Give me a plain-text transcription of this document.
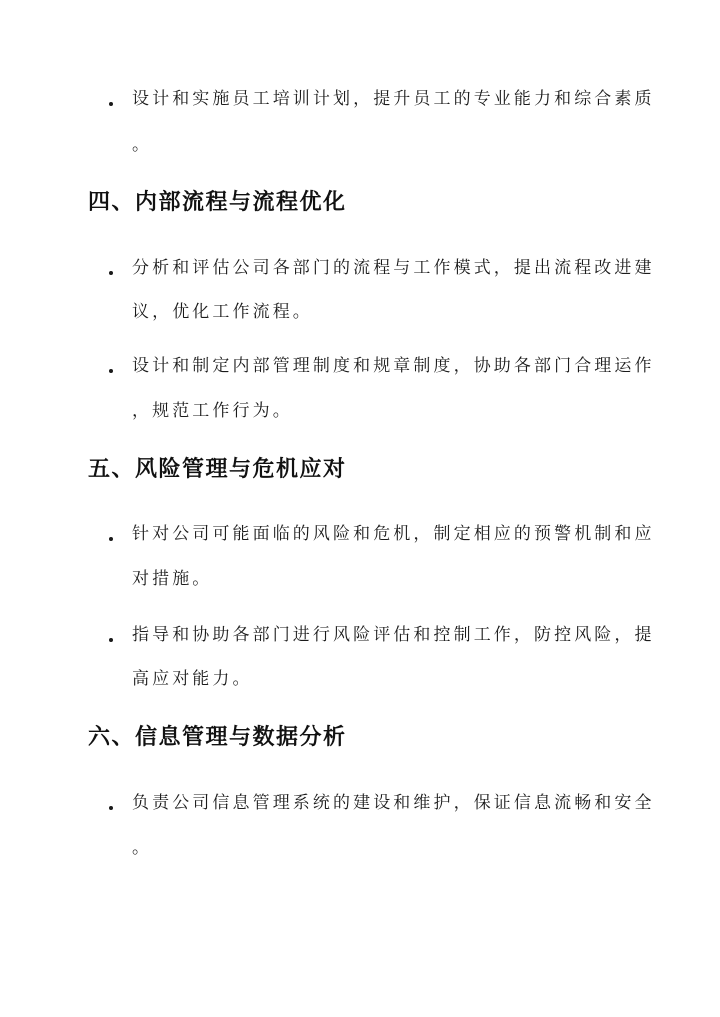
设计和实施员工培训计划，提升员工的专业能力和综合素质
。
四、内部流程与流程优化
分析和评估公司各部门的流程与工作模式，提出流程改进建
议，优化工作流程。
设计和制定内部管理制度和规章制度，协助各部门合理运作
，规范工作行为。
五、风险管理与危机应对
针对公司可能面临的风险和危机，制定相应的预警机制和应
对措施。
指导和协助各部门进行风险评估和控制工作，防控风险，提
高应对能力。
六、信息管理与数据分析
负责公司信息管理系统的建设和维护，保证信息流畅和安全
。
